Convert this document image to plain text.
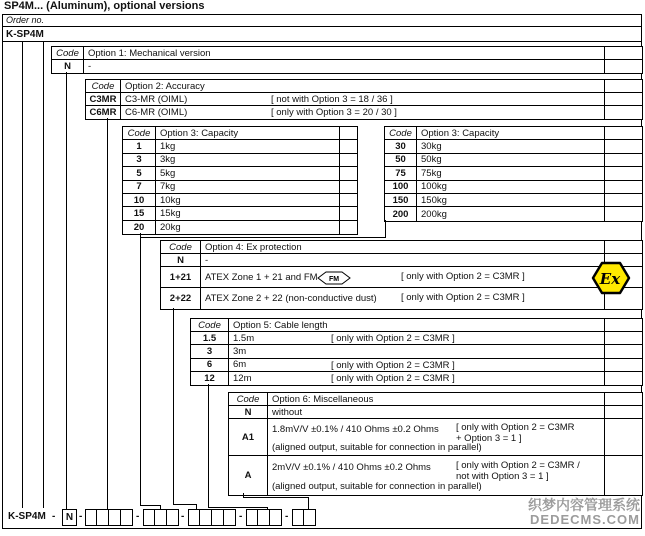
SP4M... (Aluminum), optional versions
Order no.
K-SP4M
Code Option 1: Mechanical version
N	-
Code	Option 2: Accuracy
C3MR C3-MR (OIML)	[ not with Option 3 = 18 / 36 ]
C6MR C6-MR (OIML)	[ only with Option 3 = 20 / 30 ]
Code	Option 3: Capacity
1	1kg
3	3kg
5	5kg
7	7kg
10	10kg
15	15kg
20	20kg
Code Option 3: Capacity
30	30kg
50	50kg
75	75kg
100	100kg
150	150kg
200	200kg
Code	Option 4: Ex protection
N	-
1+21	ATEX Zone 1 + 21 and FM	[ only with Option 2 = C3MR ]
2+22	ATEX Zone 2 + 22 (non-conductive dust)	[ only with Option 2 = C3MR ]
FM	Ex
Code	Option 5: Cable length
1.5	1.5m	[ only with Option 2 = C3MR ]
3	3m
6	6m	[ only with Option 2 = C3MR ]
12	12m	[ only with Option 2 = C3MR ]
Code	Option 6: Miscellaneous
N	without
A1
1.8mV/V ±0.1% / 410 Ohms ±0.2 Ohms [ only with Option 2 = C3MR
+ Option 3 = 1 ]
(aligned output, suitable for connection in parallel)
A
2mV/V ±0.1% / 410 Ohms ±0.2 Ohms	[ only with Option 2 = C3MR /
not with Option 3 = 1 ]
(aligned output, suitable for connection in parallel)
K-SP4M -	N -	-	-	-	-
织梦内容管理系统
DEDECMS.COM
